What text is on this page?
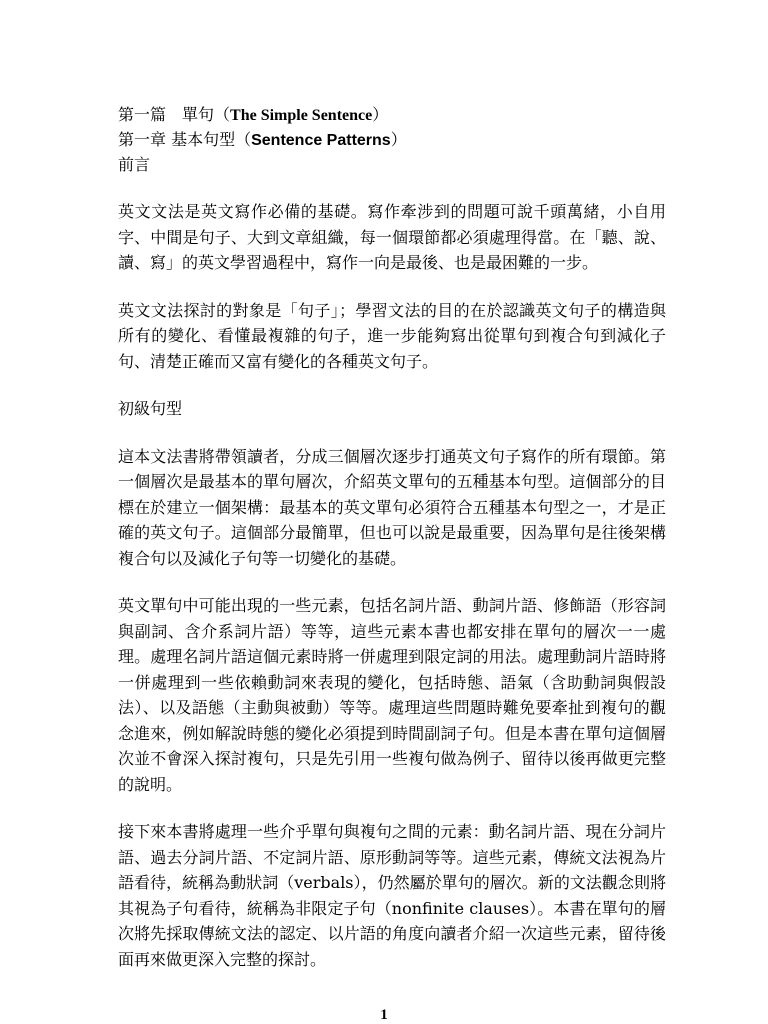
第一篇　單句（The Simple Sentence）

第一章 基本句型（Sentence Patterns）

前言

英文文法是英文寫作必備的基礎。寫作牽涉到的問題可說千頭萬緒，小自用字、中間是句子、大到文章組織，每一個環節都必須處理得當。在「聽、說、讀、寫」的英文學習過程中，寫作一向是最後、也是最困難的一步。

英文文法探討的對象是「句子」；學習文法的目的在於認識英文句子的構造與所有的變化、看懂最複雜的句子，進一步能夠寫出從單句到複合句到減化子句、清楚正確而又富有變化的各種英文句子。

初級句型

這本文法書將帶領讀者，分成三個層次逐步打通英文句子寫作的所有環節。第一個層次是最基本的單句層次，介紹英文單句的五種基本句型。這個部分的目標在於建立一個架構：最基本的英文單句必須符合五種基本句型之一，才是正確的英文句子。這個部分最簡單，但也可以說是最重要，因為單句是往後架構複合句以及減化子句等一切變化的基礎。

英文單句中可能出現的一些元素，包括名詞片語、動詞片語、修飾語（形容詞與副詞、含介系詞片語）等等，這些元素本書也都安排在單句的層次一一處理。處理名詞片語這個元素時將一併處理到限定詞的用法。處理動詞片語時將一併處理到一些依賴動詞來表現的變化，包括時態、語氣（含助動詞與假設法）、以及語態（主動與被動）等等。處理這些問題時難免要牽扯到複句的觀念進來，例如解說時態的變化必須提到時間副詞子句。但是本書在單句這個層次並不會深入探討複句，只是先引用一些複句做為例子、留待以後再做更完整的說明。

接下來本書將處理一些介乎單句與複句之間的元素：動名詞片語、現在分詞片語、過去分詞片語、不定詞片語、原形動詞等等。這些元素，傳統文法視為片語看待，統稱為動狀詞（verbals），仍然屬於單句的層次。新的文法觀念則將其視為子句看待，統稱為非限定子句（nonfinite clauses）。本書在單句的層次將先採取傳統文法的認定、以片語的角度向讀者介紹一次這些元素，留待後面再來做更深入完整的探討。

1
